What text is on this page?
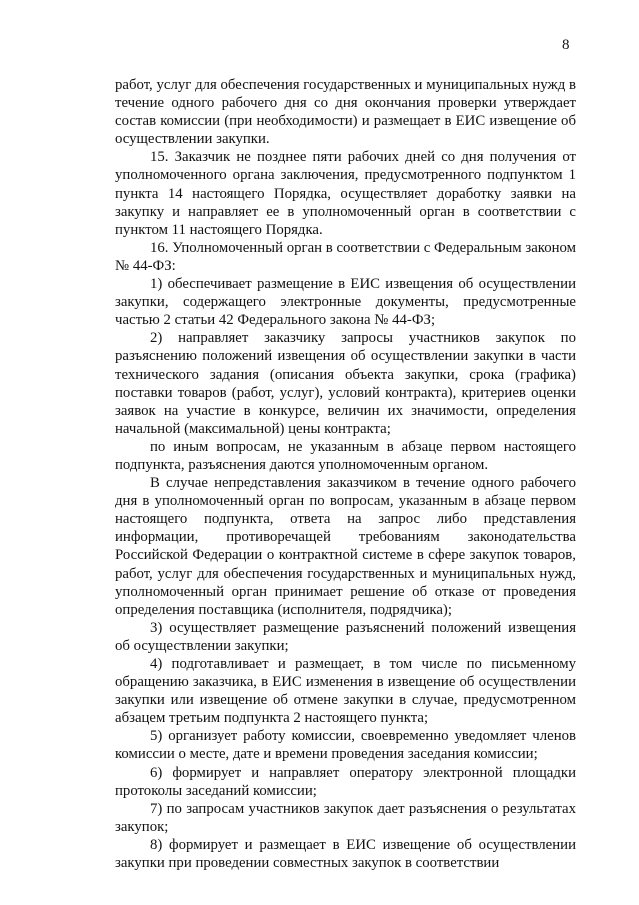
8

работ, услуг для обеспечения государственных и муниципальных нужд в течение одного рабочего дня со дня окончания проверки утверждает состав комиссии (при необходимости) и размещает в ЕИС извещение об осуществлении закупки.

15. Заказчик не позднее пяти рабочих дней со дня получения от уполномоченного органа заключения, предусмотренного подпунктом 1 пункта 14 настоящего Порядка, осуществляет доработку заявки на закупку и направляет ее в уполномоченный орган в соответствии с пунктом 11 настоящего Порядка.

16. Уполномоченный орган в соответствии с Федеральным законом № 44-ФЗ:

1) обеспечивает размещение в ЕИС извещения об осуществлении закупки, содержащего электронные документы, предусмотренные частью 2 статьи 42 Федерального закона № 44-ФЗ;

2) направляет заказчику запросы участников закупок по разъяснению положений извещения об осуществлении закупки в части технического задания (описания объекта закупки, срока (графика) поставки товаров (работ, услуг), условий контракта), критериев оценки заявок на участие в конкурсе, величин их значимости, определения начальной (максимальной) цены контракта;

по иным вопросам, не указанным в абзаце первом настоящего подпункта, разъяснения даются уполномоченным органом.

В случае непредставления заказчиком в течение одного рабочего дня в уполномоченный орган по вопросам, указанным в абзаце первом настоящего подпункта, ответа на запрос либо представления информации, противоречащей требованиям законодательства Российской Федерации о контрактной системе в сфере закупок товаров, работ, услуг для обеспечения государственных и муниципальных нужд, уполномоченный орган принимает решение об отказе от проведения определения поставщика (исполнителя, подрядчика);

3) осуществляет размещение разъяснений положений извещения об осуществлении закупки;

4) подготавливает и размещает, в том числе по письменному обращению заказчика, в ЕИС изменения в извещение об осуществлении закупки или извещение об отмене закупки в случае, предусмотренном абзацем третьим подпункта 2 настоящего пункта;

5) организует работу комиссии, своевременно уведомляет членов комиссии о месте, дате и времени проведения заседания комиссии;

6) формирует и направляет оператору электронной площадки протоколы заседаний комиссии;

7) по запросам участников закупок дает разъяснения о результатах закупок;

8) формирует и размещает в ЕИС извещение об осуществлении закупки при проведении совместных закупок в соответствии
